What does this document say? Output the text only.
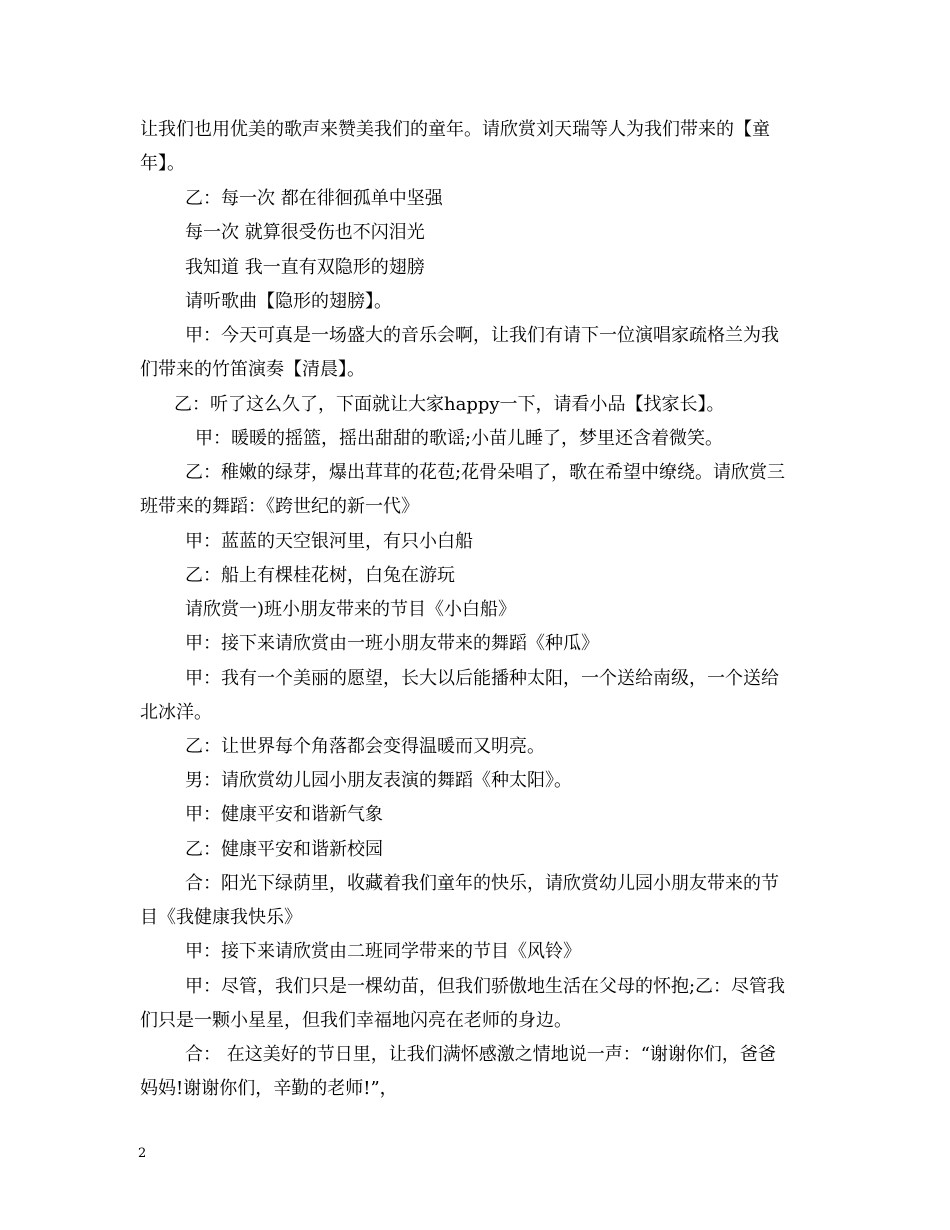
让我们也用优美的歌声来赞美我们的童年。请欣赏刘天瑞等人为我们带来的【童
年】。
乙：每一次 都在徘徊孤单中坚强
每一次 就算很受伤也不闪泪光
我知道 我一直有双隐形的翅膀
请听歌曲【隐形的翅膀】。
甲：今天可真是一场盛大的音乐会啊，让我们有请下一位演唱家疏格兰为我
们带来的竹笛演奏【清晨】。
乙：听了这么久了，下面就让大家happy一下，请看小品【找家长】。
甲：暖暖的摇篮，摇出甜甜的歌谣;小苗儿睡了，梦里还含着微笑。
乙：稚嫩的绿芽，爆出茸茸的花苞;花骨朵唱了，歌在希望中缭绕。请欣赏三
班带来的舞蹈：《跨世纪的新一代》
甲：蓝蓝的天空银河里，有只小白船
乙：船上有棵桂花树，白兔在游玩
请欣赏一)班小朋友带来的节目《小白船》
甲：接下来请欣赏由一班小朋友带来的舞蹈《种瓜》
甲：我有一个美丽的愿望，长大以后能播种太阳，一个送给南级，一个送给
北冰洋。
乙：让世界每个角落都会变得温暖而又明亮。
男：请欣赏幼儿园小朋友表演的舞蹈《种太阳》。
甲：健康平安和谐新气象
乙：健康平安和谐新校园
合：阳光下绿荫里，收藏着我们童年的快乐，请欣赏幼儿园小朋友带来的节
目《我健康我快乐》
甲：接下来请欣赏由二班同学带来的节目《风铃》
甲：尽管，我们只是一棵幼苗，但我们骄傲地生活在父母的怀抱;乙：尽管我
们只是一颗小星星，但我们幸福地闪亮在老师的身边。
合： 在这美好的节日里，让我们满怀感激之情地说一声：“谢谢你们，爸爸
妈妈!谢谢你们，辛勤的老师!”，
2
